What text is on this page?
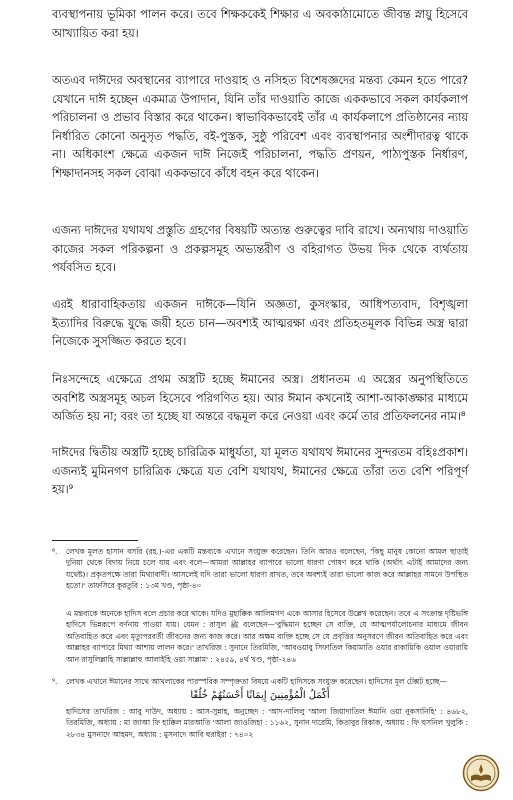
ব্যবস্থাপনায় ভূমিকা পালন করে। তবে শিক্ষককেই শিক্ষার এ অবকাঠামোতে জীবন্ত স্নায়ু হিসেবে আখ্যায়িত করা হয়।

অতএব দাঈদের অবস্থানের ব্যাপারে দাওয়াহ ও নসিহত বিশেষজ্ঞদের মন্তব্য কেমন হতে পারে? যেখানে দাঈ হচ্ছেন একমাত্র উপাদান, যিনি তাঁর দাওয়াতি কাজে এককভাবে সকল কার্যকলাপ পরিচালনা ও প্রভাব বিস্তার করে থাকেন। স্বাভাবিকভাবেই তাঁর এ কার্যকলাপে প্রতিষ্ঠানের ন্যায় নির্ধারিত কোনো অনুসৃত পদ্ধতি, বই-পুস্তক, সুষ্ঠু পরিবেশ এবং ব্যবস্থাপনার অংশীদারত্ব থাকে না। অধিকাংশ ক্ষেত্রে একজন দাঈ নিজেই পরিচালনা, পদ্ধতি প্রণয়ন, পাঠ্যপুস্তক নির্ধারণ, শিক্ষাদানসহ সকল বোঝা এককভাবে কাঁধে বহন করে থাকেন।

এজন্য দাঈদের যথাযথ প্রস্তুতি গ্রহণের বিষয়টি অত্যন্ত গুরুত্বের দাবি রাখে। অন্যথায় দাওয়াতি কাজের সকল পরিকল্পনা ও প্রকল্পসমূহ অভ্যন্তরীণ ও বহিরাগত উভয় দিক থেকে ব্যর্থতায় পর্যবসিত হবে।

এরই ধারাবাহিকতায় একজন দাঈকে—যিনি অজ্ঞতা, কুসংস্কার, আধিপত্যবাদ, বিশৃঙ্খলা ইত্যাদির বিরুদ্ধে যুদ্ধে জয়ী হতে চান—অবশ্যই আত্মরক্ষা এবং প্রতিহতমূলক বিভিন্ন অস্ত্র দ্বারা নিজেকে সুসজ্জিত করতে হবে।

নিঃসন্দেহে এক্ষেত্রে প্রথম অস্ত্রটি হচ্ছে ঈমানের অস্ত্র। প্রধানতম এ অস্ত্রের অনুপস্থিতিতে অবশিষ্ট অস্ত্রসমূহ অচল হিসেবে পরিগণিত হয়। আর ঈমান কখনোই আশা-আকাঙ্ক্ষার মাধ্যমে অর্জিত হয় না; বরং তা হচ্ছে যা অন্তরে বদ্ধমূল করে নেওয়া এবং কর্মে তার প্রতিফলনের নাম।⁸

দাঈদের দ্বিতীয় অস্ত্রটি হচ্ছে চারিত্রিক মাধুর্যতা, যা মূলত যথাযথ ঈমানের সুন্দরতম বহিঃপ্রকাশ। এজন্যই মুমিনগণ চারিত্রিক ক্ষেত্রে যত বেশি যথাযথ, ঈমানের ক্ষেত্রে তাঁরা তত বেশি পরিপূর্ণ হয়।⁹

⁸. লেখক মূলত হাসান বসরি (রহ.)-এর একটি মন্তব্যকে এখানে সংযুক্ত করেছেন। তিনি আরও বলেছেন, 'কিছু মানুষ কোনো আমল ছাড়াই দুনিয়া থেকে বিদায় নিয়ে চলে যায় এবং বলে—আমরা আল্লাহর ব্যাপারে ভালো ধারণা পোষণ করে থাকি (অর্থাৎ এটাই আমাদের জন্য যথেষ্ট)। প্রকৃতপক্ষে তারা মিথ্যাবাদী। আসলেই যদি তারা ভালো ধারণা রাখত, তবে অবশ্যই তারা ভালো কাজ করে আল্লাহর সামনে উপস্থিত হতো।' তাফসিরে কুরতুবি : ১৩ম খণ্ড, পৃষ্ঠা-৪০

এ মন্তব্যকে অনেকে হাদিস বলে প্রচার করে থাকে। যদিও মুহাক্কিক আলিমগণ একে আসার হিসেবে উল্লেখ করেছেন। তবে এ সংক্রান্ত দৃষ্টিভঙ্গি হাদিসে ভিন্নরূপে বর্ণনায় পাওয়া যায়। যেমন : রাসুল ﷺ বলেছেন—'বুদ্ধিমান হচ্ছেন সে ব্যক্তি, যে আত্মপর্যালোচনার মাধ্যমে জীবন অতিবাহিত করে এবং মৃত্যুপরবর্তী জীবনের জন্য কাজ করে। আর অক্ষম ব্যক্তি হচ্ছে সে যে প্রবৃত্তির অনুসরণে জীবন অতিবাহিত করে এবং আল্লাহর ব্যাপারে মিথ্যা আশায় লালন করে।' তাখরিজ : সুনানে তিরমিজি, 'আবওয়াবু সিফাতিল কিয়ামাতি ওয়ার রাকায়িকি ওয়াল ওয়ারায়ি আন রাসুলিল্লাহি সাল্লাল্লাহু আলাইহি ওয়া সাল্লাম' : ২৪৫৯, ৪র্থ খণ্ড, পৃষ্ঠা-২৪৬

⁹. লেখক এখানে ঈমানের সাথে আখলাকের পারস্পরিক সম্পৃক্ততা বিষয়ে একটি হাদিসকে সংযুক্ত করেছেন। হাদিসের মূল টেক্সট হচ্ছে—

أَكْمَلُ الْمُؤْمِنِينَ إِيمَانًا أَحْسَنُهُمْ خُلُقًا

হাদিসের তাখরিজ : আবু দাউদ, অধ্যায় : আস-সুন্নাহ, অনুচ্ছেদ : 'আদ-দালিলু 'আলা জিয়াদাতিল ঈমানি ওয়া নুকসানিহি' : ৪৬৮২, তিরমিজি, অধ্যায় : মা জাআ ফি হাক্কিল মারআতি 'আলা জাওজিহা : ১১৬২, সুনান দারেমি, কিতাবুর রিকাক, অধ্যায় : ফি হুসনিল খুলুকি : ২৮৩৪ মুসনাদে আহমদ, অধ্যায় : মুসনাদে আবি হুরাইরা : ৭৪০২
